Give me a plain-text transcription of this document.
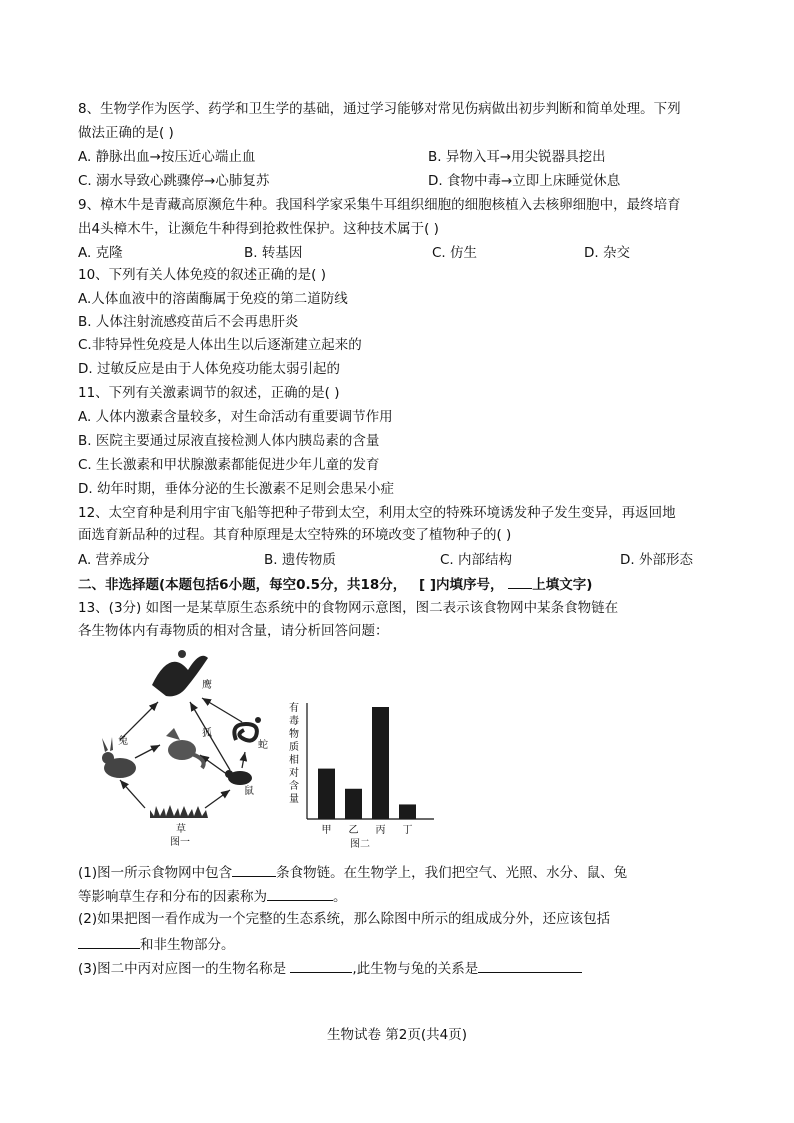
8、生物学作为医学、药学和卫生学的基础，通过学习能够对常见伤病做出初步判断和简单处理。下列
做法正确的是( )
A. 静脉出血→按压近心端止血	B. 异物入耳→用尖锐器具挖出
C. 溺水导致心跳骤停→心肺复苏	D. 食物中毒→立即上床睡觉休息
9、樟木牛是青藏高原濒危牛种。我国科学家采集牛耳组织细胞的细胞核植入去核卵细胞中，最终培育
出4头樟木牛，让濒危牛种得到抢救性保护。这种技术属于( )
A. 克隆	B. 转基因	C. 仿生	D. 杂交
10、下列有关人体免疫的叙述正确的是( )
A.人体血液中的溶菌酶属于免疫的第二道防线
B. 人体注射流感疫苗后不会再患肝炎
C.非特异性免疫是人体出生以后逐渐建立起来的
D. 过敏反应是由于人体免疫功能太弱引起的
11、下列有关激素调节的叙述，正确的是( )
A. 人体内激素含量较多，对生命活动有重要调节作用
B. 医院主要通过尿液直接检测人体内胰岛素的含量
C. 生长激素和甲状腺激素都能促进少年儿童的发育
D. 幼年时期，垂体分泌的生长激素不足则会患呆小症
12、太空育种是利用宇宙飞船等把种子带到太空，利用太空的特殊环境诱发种子发生变异，再返回地
面选育新品种的过程。其育种原理是太空特殊的环境改变了植物种子的( )
A. 营养成分	B. 遗传物质	C. 内部结构	D. 外部形态
二、非选择题(本题包括6小题，每空0.5分，共18分， [ ]内填序号， 上填文字)
13、(3分) 如图一是某草原生态系统中的食物网示意图，图二表示该食物网中某条食物链在
各生物体内有毒物质的相对含量，请分析回答问题：
鹰
兔
狐
蛇
鼠
草
图一
有
毒
物
质
相
对
含
量
甲 乙 丙 丁
图二
(1)图一所示食物网中包含	条食物链。在生物学上，我们把空气、光照、水分、鼠、兔
等影响草生存和分布的因素称为	。
(2)如果把图一看作成为一个完整的生态系统，那么除图中所示的组成成分外，还应该包括
和非生物部分。
(3)图二中丙对应图一的生物名称是	,此生物与兔的关系是
生物试卷 第2页(共4页)
